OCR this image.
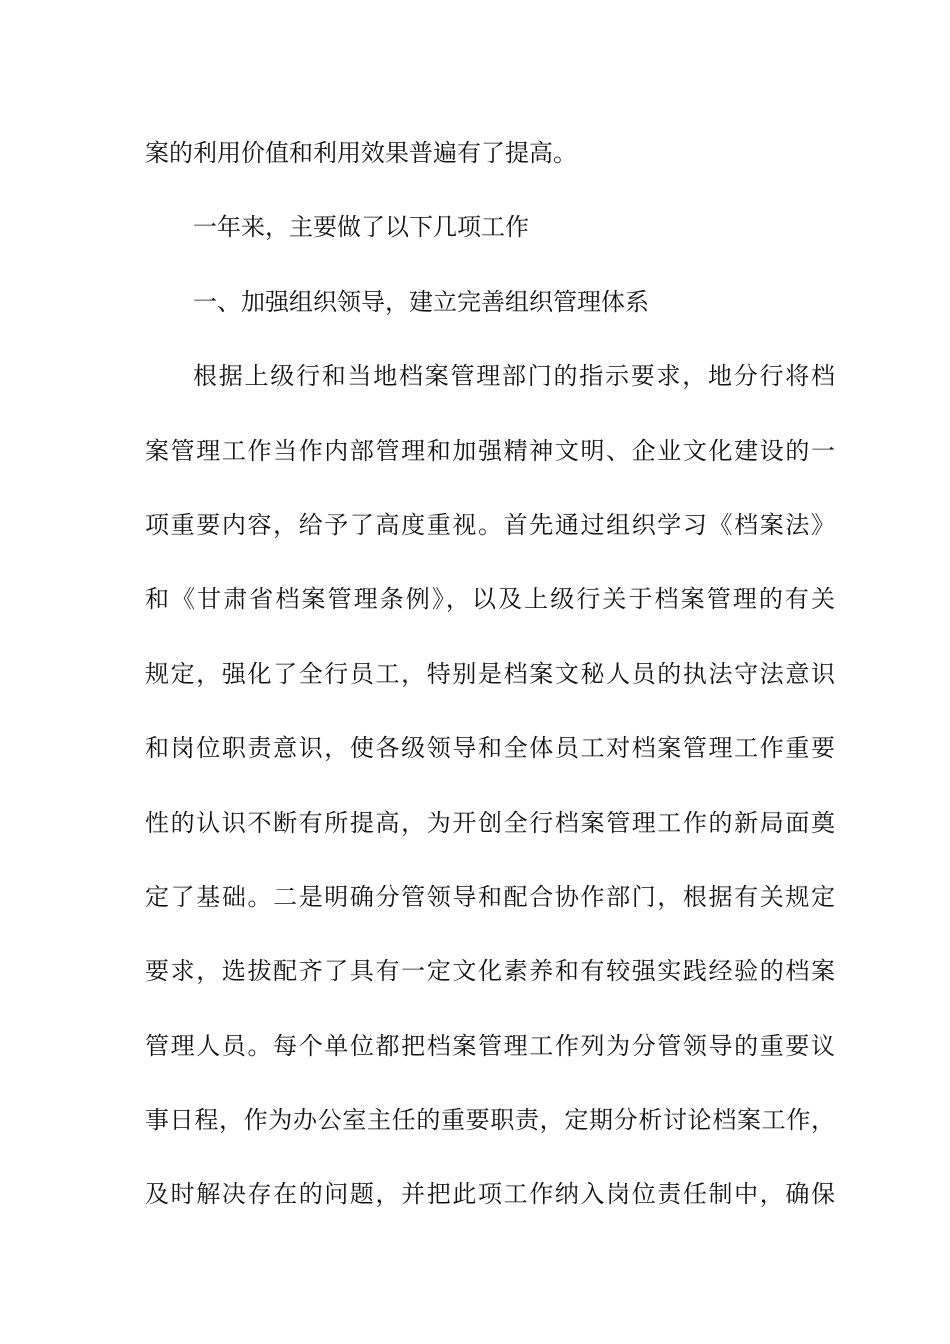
案的利用价值和利用效果普遍有了提高。
一年来，主要做了以下几项工作
一、加强组织领导，建立完善组织管理体系
根据上级行和当地档案管理部门的指示要求，地分行将档
案管理工作当作内部管理和加强精神文明、企业文化建设的一
项重要内容，给予了高度重视。首先通过组织学习《档案法》
和《甘肃省档案管理条例》，以及上级行关于档案管理的有关
规定，强化了全行员工，特别是档案文秘人员的执法守法意识
和岗位职责意识，使各级领导和全体员工对档案管理工作重要
性的认识不断有所提高，为开创全行档案管理工作的新局面奠
定了基础。二是明确分管领导和配合协作部门，根据有关规定
要求，选拔配齐了具有一定文化素养和有较强实践经验的档案
管理人员。每个单位都把档案管理工作列为分管领导的重要议
事日程，作为办公室主任的重要职责，定期分析讨论档案工作，
及时解决存在的问题，并把此项工作纳入岗位责任制中，确保
